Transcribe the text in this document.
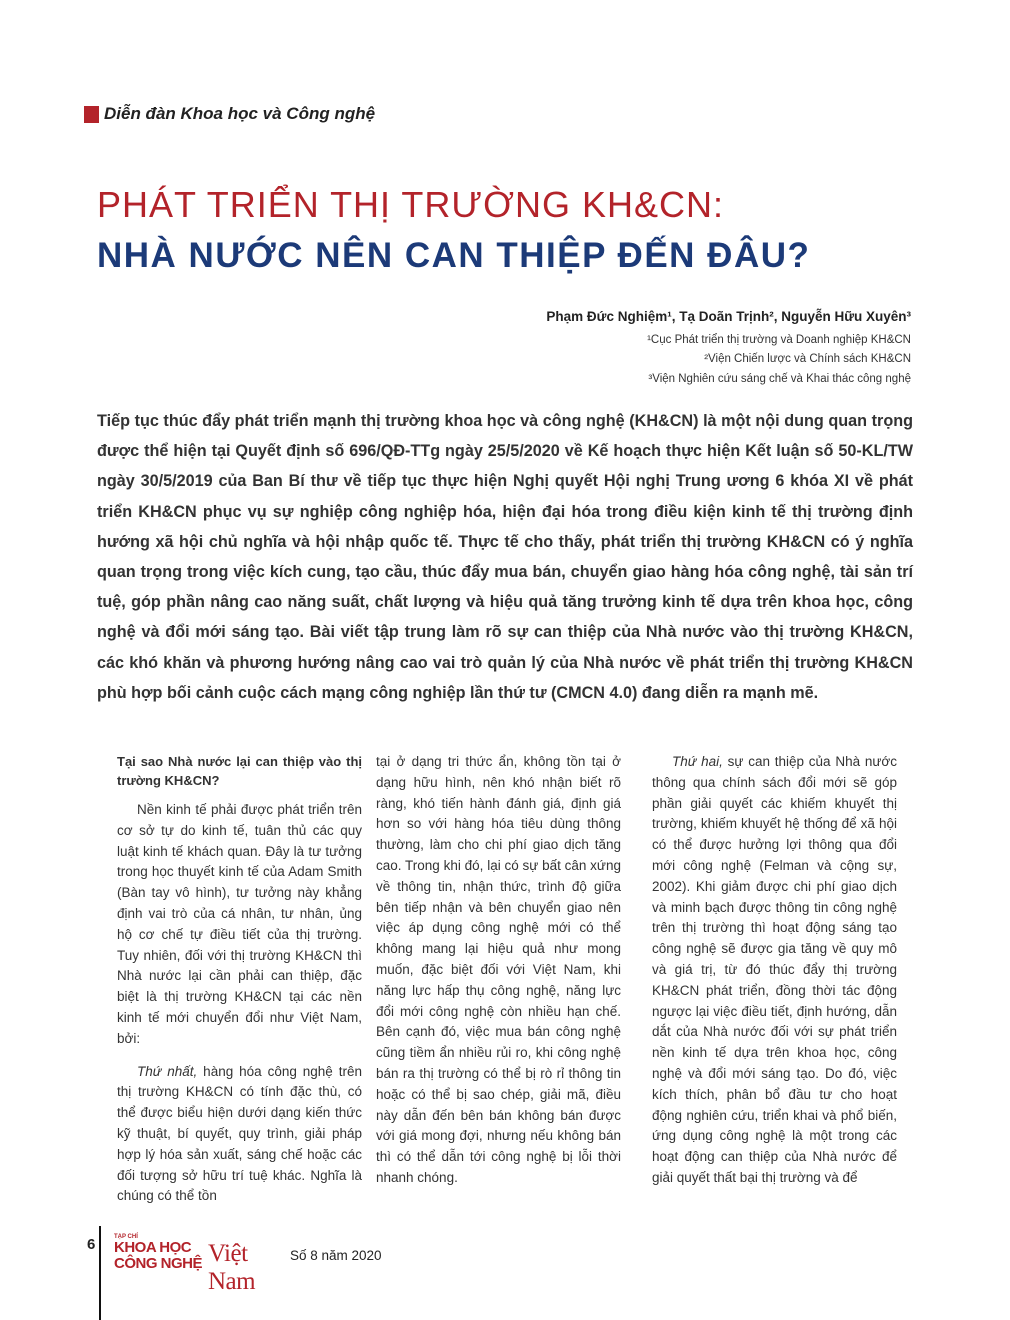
Diễn đàn Khoa học và Công nghệ
PHÁT TRIỂN THỊ TRƯỜNG KH&CN:
NHÀ NƯỚC NÊN CAN THIỆP ĐẾN ĐÂU?
Phạm Đức Nghiệm¹, Tạ Doãn Trịnh², Nguyễn Hữu Xuyên³
¹Cục Phát triển thị trường và Doanh nghiệp KH&CN
²Viện Chiến lược và Chính sách KH&CN
³Viện Nghiên cứu sáng chế và Khai thác công nghệ
Tiếp tục thúc đẩy phát triển mạnh thị trường khoa học và công nghệ (KH&CN) là một nội dung quan trọng được thể hiện tại Quyết định số 696/QĐ-TTg ngày 25/5/2020 về Kế hoạch thực hiện Kết luận số 50-KL/TW ngày 30/5/2019 của Ban Bí thư về tiếp tục thực hiện Nghị quyết Hội nghị Trung ương 6 khóa XI về phát triển KH&CN phục vụ sự nghiệp công nghiệp hóa, hiện đại hóa trong điều kiện kinh tế thị trường định hướng xã hội chủ nghĩa và hội nhập quốc tế. Thực tế cho thấy, phát triển thị trường KH&CN có ý nghĩa quan trọng trong việc kích cung, tạo cầu, thúc đẩy mua bán, chuyển giao hàng hóa công nghệ, tài sản trí tuệ, góp phần nâng cao năng suất, chất lượng và hiệu quả tăng trưởng kinh tế dựa trên khoa học, công nghệ và đổi mới sáng tạo. Bài viết tập trung làm rõ sự can thiệp của Nhà nước vào thị trường KH&CN, các khó khăn và phương hướng nâng cao vai trò quản lý của Nhà nước về phát triển thị trường KH&CN phù hợp bối cảnh cuộc cách mạng công nghiệp lần thứ tư (CMCN 4.0) đang diễn ra mạnh mẽ.

Tại sao Nhà nước lại can thiệp vào thị trường KH&CN?

Nền kinh tế phải được phát triển trên cơ sở tự do kinh tế, tuân thủ các quy luật kinh tế khách quan. Đây là tư tưởng trong học thuyết kinh tế của Adam Smith (Bàn tay vô hình), tư tưởng này khẳng định vai trò của cá nhân, tư nhân, ủng hộ cơ chế tự điều tiết của thị trường. Tuy nhiên, đối với thị trường KH&CN thì Nhà nước lại cần phải can thiệp, đặc biệt là thị trường KH&CN tại các nền kinh tế mới chuyển đổi như Việt Nam, bởi:

Thứ nhất, hàng hóa công nghệ trên thị trường KH&CN có tính đặc thù, có thể được biểu hiện dưới dạng kiến thức kỹ thuật, bí quyết, quy trình, giải pháp hợp lý hóa sản xuất, sáng chế hoặc các đối tượng sở hữu trí tuệ khác. Nghĩa là chúng có thể tồn

tại ở dạng tri thức ẩn, không tồn tại ở dạng hữu hình, nên khó nhận biết rõ ràng, khó tiến hành đánh giá, định giá hơn so với hàng hóa tiêu dùng thông thường, làm cho chi phí giao dịch tăng cao. Trong khi đó, lại có sự bất cân xứng về thông tin, nhận thức, trình độ giữa bên tiếp nhận và bên chuyển giao nên việc áp dụng công nghệ mới có thể không mang lại hiệu quả như mong muốn, đặc biệt đối với Việt Nam, khi năng lực hấp thụ công nghệ, năng lực đổi mới công nghệ còn nhiều hạn chế. Bên cạnh đó, việc mua bán công nghệ cũng tiềm ẩn nhiều rủi ro, khi công nghệ bán ra thị trường có thể bị rò rỉ thông tin hoặc có thể bị sao chép, giải mã, điều này dẫn đến bên bán không bán được với giá mong đợi, nhưng nếu không bán thì có thể dẫn tới công nghệ bị lỗi thời nhanh chóng.

Thứ hai, sự can thiệp của Nhà nước thông qua chính sách đổi mới sẽ góp phần giải quyết các khiếm khuyết thị trường, khiếm khuyết hệ thống để xã hội có thể được hưởng lợi thông qua đổi mới công nghệ (Felman và cộng sự, 2002). Khi giảm được chi phí giao dịch và minh bạch được thông tin công nghệ trên thị trường thì hoạt động sáng tạo công nghệ sẽ được gia tăng về quy mô và giá trị, từ đó thúc đẩy thị trường KH&CN phát triển, đồng thời tác động ngược lại việc điều tiết, định hướng, dẫn dắt của Nhà nước đối với sự phát triển nền kinh tế dựa trên khoa học, công nghệ và đổi mới sáng tạo. Do đó, việc kích thích, phân bổ đầu tư cho hoạt động nghiên cứu, triển khai và phổ biến, ứng dụng công nghệ là một trong các hoạt động can thiệp của Nhà nước để giải quyết thất bại thị trường và để

6	TẠP CHÍ
KHOA HỌC
CÔNG NGHỆ Việt Nam
Số 8 năm 2020
